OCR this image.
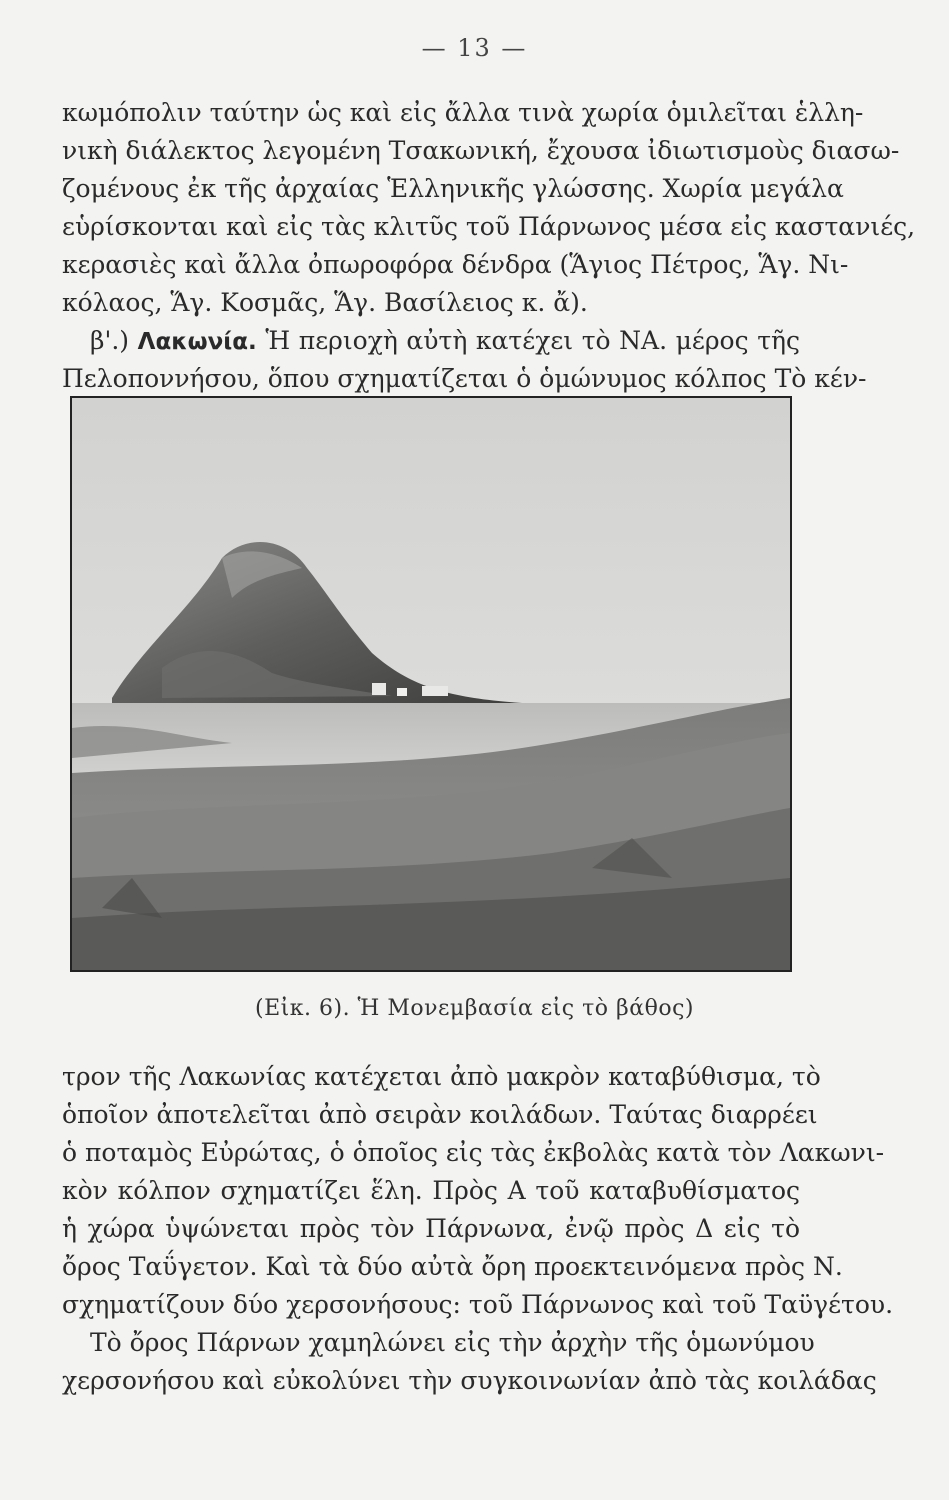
— 13 —
κωμόπολιν ταύτην ὡς καὶ εἰς ἄλλα τινὰ χωρία ὁμιλεῖται ἑλλη-
νικὴ διάλεκτος λεγομένη Τσακωνική, ἔχουσα ἰδιωτισμοὺς διασω-
ζομένους ἐκ τῆς ἀρχαίας Ἑλληνικῆς γλώσσης. Χωρία μεγάλα
εὑρίσκονται καὶ εἰς τὰς κλιτῦς τοῦ Πάρνωνος μέσα εἰς καστανιές,
κερασιὲς καὶ ἄλλα ὀπωροφόρα δένδρα (Ἅγιος Πέτρος, Ἅγ. Νι-
κόλαος, Ἅγ. Κοσμᾶς, Ἅγ. Βασίλειος κ. ἄ).
β'.) Λακωνία. Ἡ περιοχὴ αὐτὴ κατέχει τὸ ΝΑ. μέρος τῆς
Πελοποννήσου, ὅπου σχηματίζεται ὁ ὁμώνυμος κόλπος Τὸ κέν-
(Εἰκ. 6). Ἡ Μονεμβασία εἰς τὸ βάθος)
τρον τῆς Λακωνίας κατέχεται ἀπὸ μακρὸν καταβύθισμα, τὸ
ὁποῖον ἀποτελεῖται ἀπὸ σειρὰν κοιλάδων. Ταύτας διαρρέει
ὁ ποταμὸς Εὐρώτας, ὁ ὁποῖος εἰς τὰς ἐκβολὰς κατὰ τὸν Λακωνι-
κὸν κόλπον σχηματίζει ἕλη. Πρὸς Α τοῦ καταβυθίσματος
ἡ χώρα ὑψώνεται πρὸς τὸν Πάρνωνα, ἐνῷ πρὸς Δ εἰς τὸ
ὄρος Ταΰγετον. Καὶ τὰ δύο αὐτὰ ὄρη προεκτεινόμενα πρὸς Ν.
σχηματίζουν δύο χερσονήσους: τοῦ Πάρνωνος καὶ τοῦ Ταϋγέτου.
Τὸ ὄρος Πάρνων χαμηλώνει εἰς τὴν ἀρχὴν τῆς ὁμωνύμου
χερσονήσου καὶ εὐκολύνει τὴν συγκοινωνίαν ἀπὸ τὰς κοιλάδας
